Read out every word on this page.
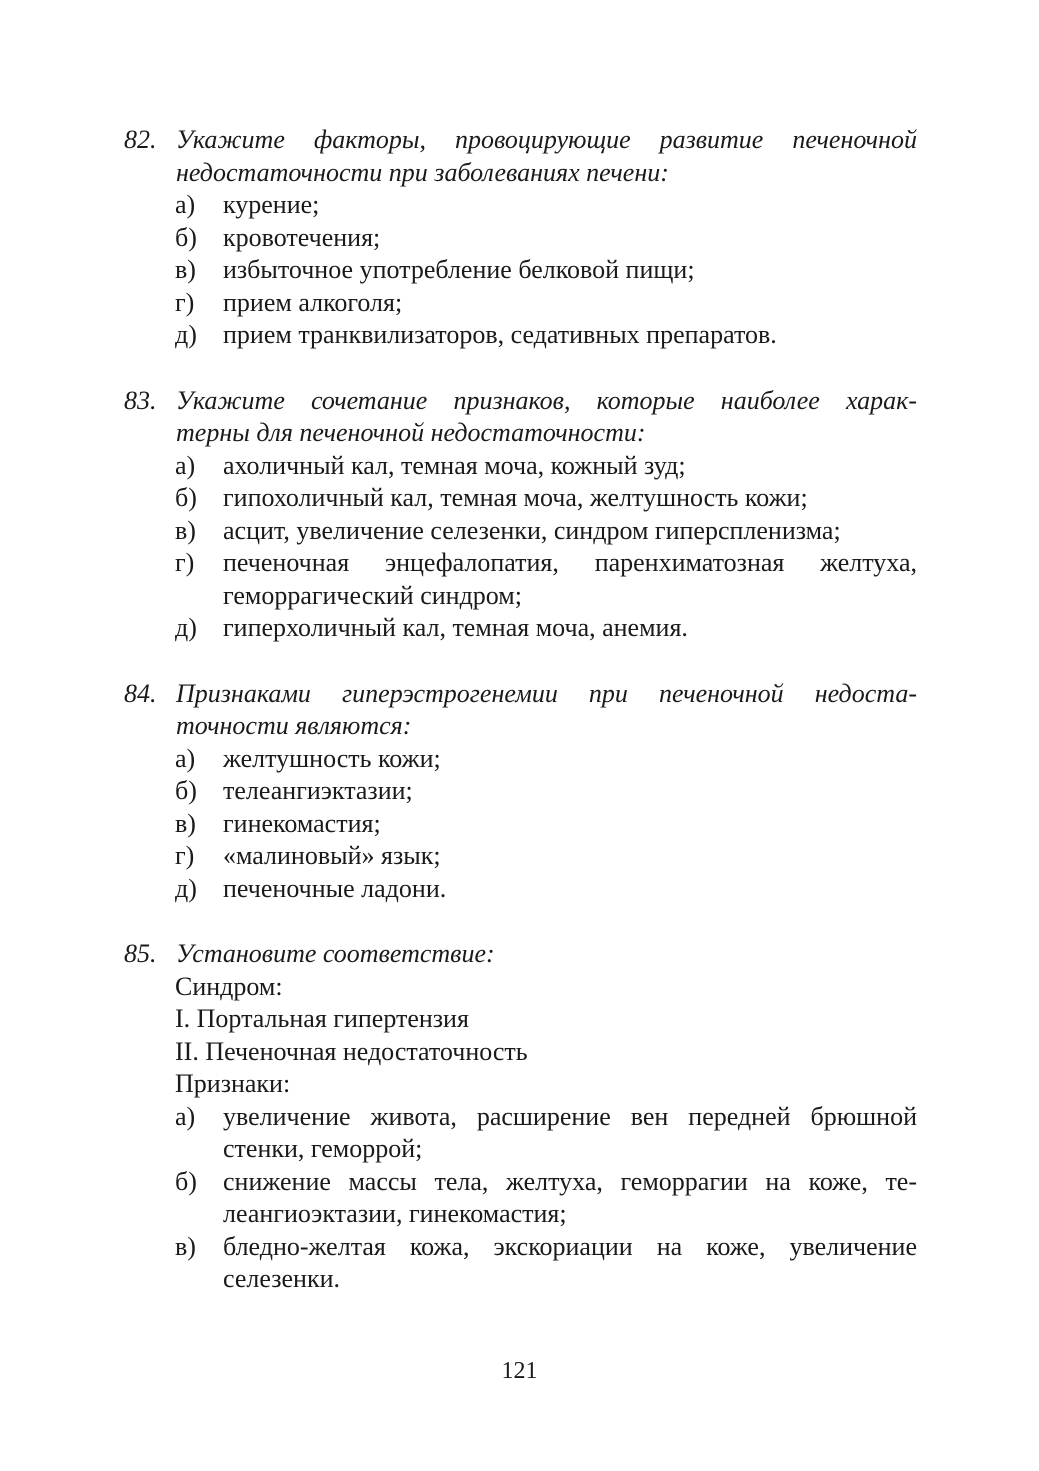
82. Укажите факторы, провоцирующие развитие печеночной
недостаточности при заболеваниях печени:
а)	курение;
б)	кровотечения;
в)	избыточное употребление белковой пищи;
г)	прием алкоголя;
д)	прием транквилизаторов, седативных препаратов.
83. Укажите сочетание признаков, которые наиболее харак-
терны для печеночной недостаточности:
а)	ахоличный кал, темная моча, кожный зуд;
б)	гипохоличный кал, темная моча, желтушность кожи;
в)	асцит, увеличение селезенки, синдром гиперспленизма;
г)	печеночная энцефалопатия, паренхиматозная желтуха, геморрагический синдром;
д)	гиперхоличный кал, темная моча, анемия.
84. Признаками гиперэстрогенемии при печеночной недоста-
точности являются:
а)	желтушность кожи;
б)	телеангиэктазии;
в)	гинекомастия;
г)	«малиновый» язык;
д)	печеночные ладони.
85. Установите соответствие:
Синдром:
I. Портальная гипертензия
II. Печеночная недостаточность
Признаки:
а)	увеличение живота, расширение вен передней брюшной стенки, геморрой;
б)	снижение массы тела, желтуха, геморрагии на коже, те-леангиоэктазии, гинекомастия;
в)	бледно-желтая кожа, экскориации на коже, увеличение селезенки.
121
